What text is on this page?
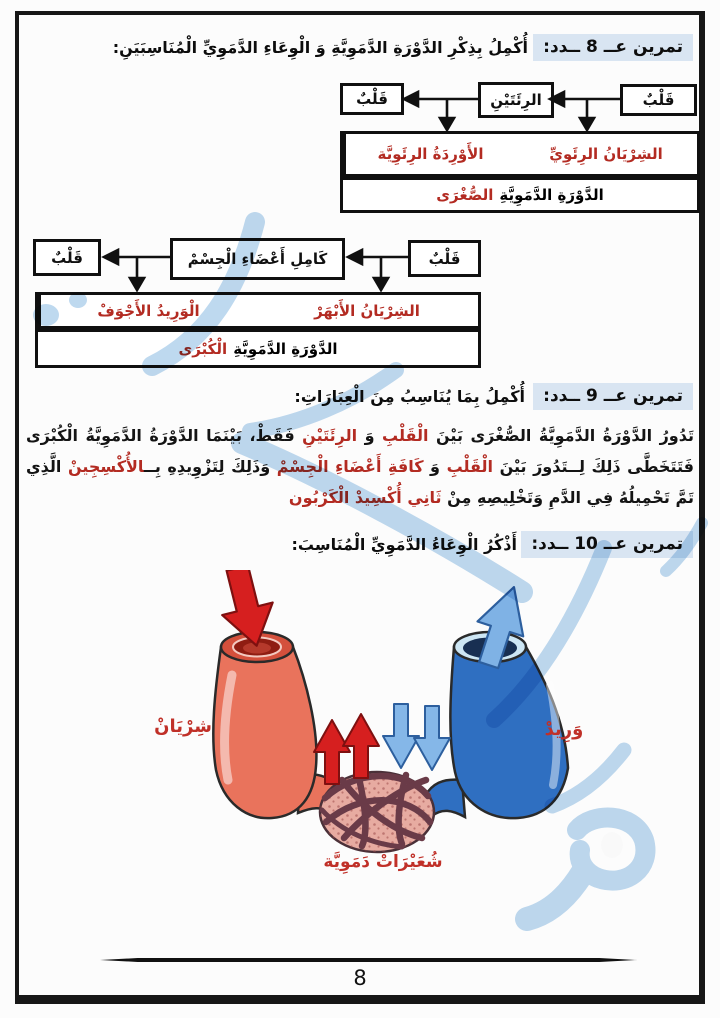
تمرين عــ 8 ــدد:
أُكْمِلُ بِذِكْرِ الدَّوْرَةِ الدَّمَوِيَّةِ وَ الْوِعَاءِ الدَّمَوِيِّ الْمُنَاسِبَيَنِ:
قَلْبٌ
الرِئَتَيْنِ
قَلْبٌ
الشِرْيَانُ الرِئَوِيِّ
الأَوْرِدَةُ الرِئَوِيَّة
الدَّوْرَةِ الدَّمَوِيَّةِ
الصُّغْرَى
قَلْبٌ
كَامِلِ أَعْضَاءِ الْجِسْمْ
قَلْبٌ
الشِرْيَانُ الأَبْهَرْ
الْوَرِيدُ الأَجْوَفْ
الدَّوْرَةِ الدَّمَوِيَّةِ
الْكُبْرَى
تمرين عــ 9 ــدد:
أُكْمِلُ بِمَا يُنَاسِبُ مِنَ الْعِبَارَاتِ:

تَدُورُ الدَّوْرَةُ الدَّمَوِيَّةُ الصُّغْرَى بَيْنَ الْقَلْبِ وَ الرِئَتَيْنِ فَقَطْ، بَيْنَمَا الدَّوْرَةُ الدَّمَوِيَّةُ الْكُبْرَى فَتَتَخَطَّى ذَلِكَ لِــتَدُورَ بَيْنَ الْقَلْبِ وَ كَافَةِ أَعْضَاءِ الْجِسْمْ وَذَلِكَ لِتَزْوِيدِهِ بِــالأُكْسِجِينْ الَّذِي تَمَّ تَحْمِيلُهُ فِي الدَّمِ وَتَخْلِيصِهِ مِنْ ثَانِي أُكْسِيدْ الْكَرْبُون

تمرين عــ 10 ــدد:
أَذْكُرُ الْوِعَاءُ الدَّمَوِيِّ الْمُنَاسِبَ:
شِرْيَانْ	وَرِيدْ
شُعَيْرَاتْ دَمَوِيَّة
8
